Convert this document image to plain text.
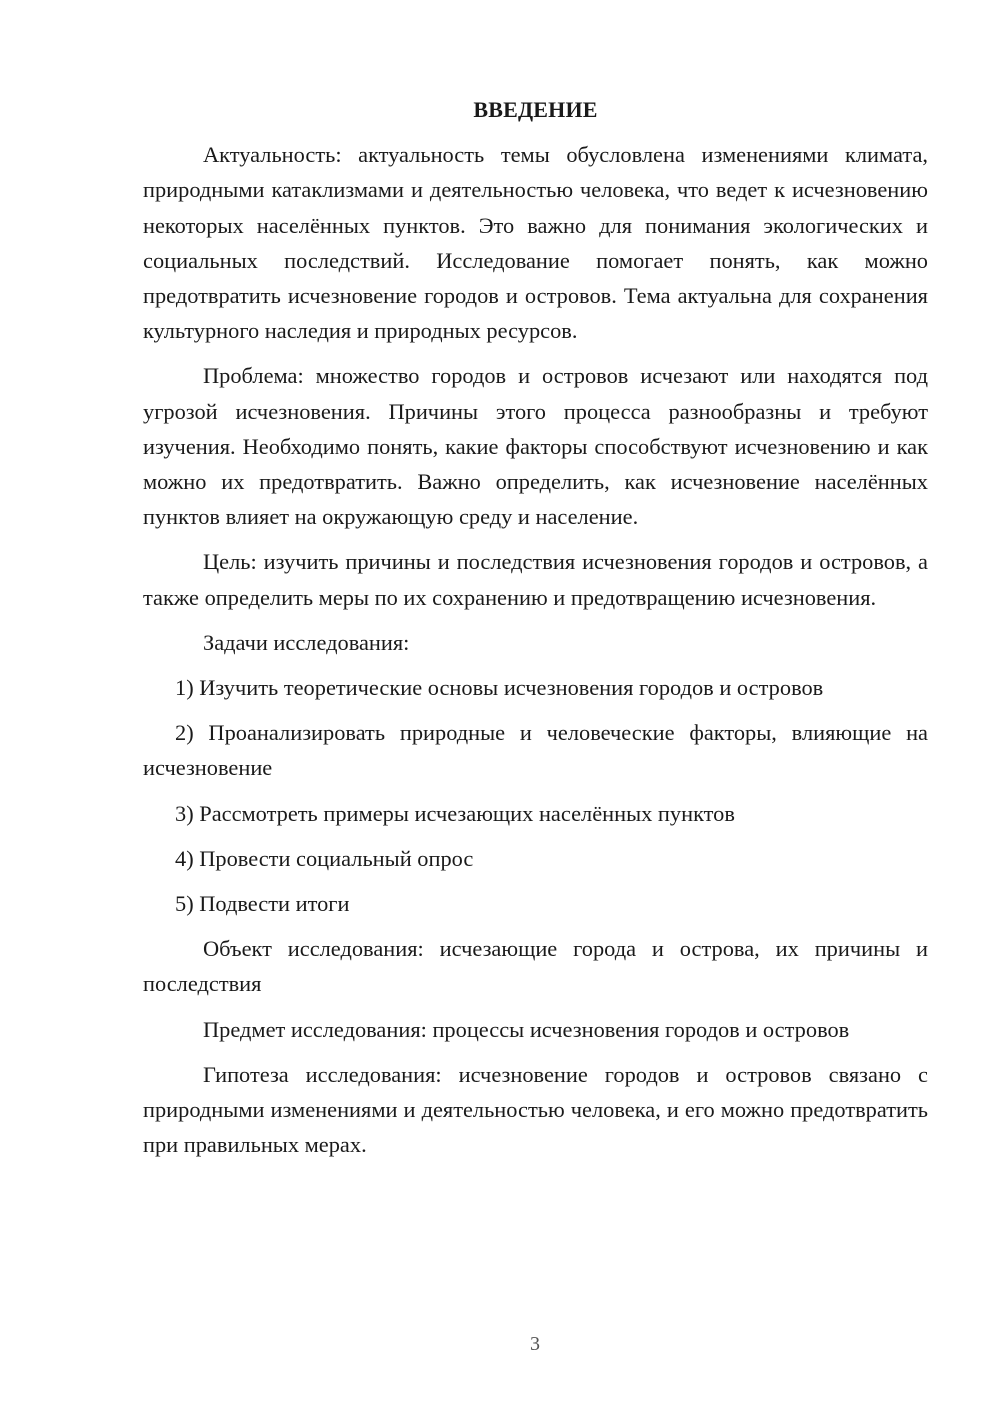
ВВЕДЕНИЕ

Актуальность: актуальность темы обусловлена изменениями климата, природными катаклизмами и деятельностью человека, что ведет к исчезновению некоторых населённых пунктов. Это важно для понимания экологических и социальных последствий. Исследование помогает понять, как можно предотвратить исчезновение городов и островов. Тема актуальна для сохранения культурного наследия и природных ресурсов.

Проблема: множество городов и островов исчезают или находятся под угрозой исчезновения. Причины этого процесса разнообразны и требуют изучения. Необходимо понять, какие факторы способствуют исчезновению и как можно их предотвратить. Важно определить, как исчезновение населённых пунктов влияет на окружающую среду и население.

Цель: изучить причины и последствия исчезновения городов и островов, а также определить меры по их сохранению и предотвращению исчезновения.

Задачи исследования:

1) Изучить теоретические основы исчезновения городов и островов

2) Проанализировать природные и человеческие факторы, влияющие на исчезновение

3) Рассмотреть примеры исчезающих населённых пунктов

4) Провести социальный опрос

5) Подвести итоги

Объект исследования: исчезающие города и острова, их причины и последствия

Предмет исследования: процессы исчезновения городов и островов

Гипотеза исследования: исчезновение городов и островов связано с природными изменениями и деятельностью человека, и его можно предотвратить при правильных мерах.

3
